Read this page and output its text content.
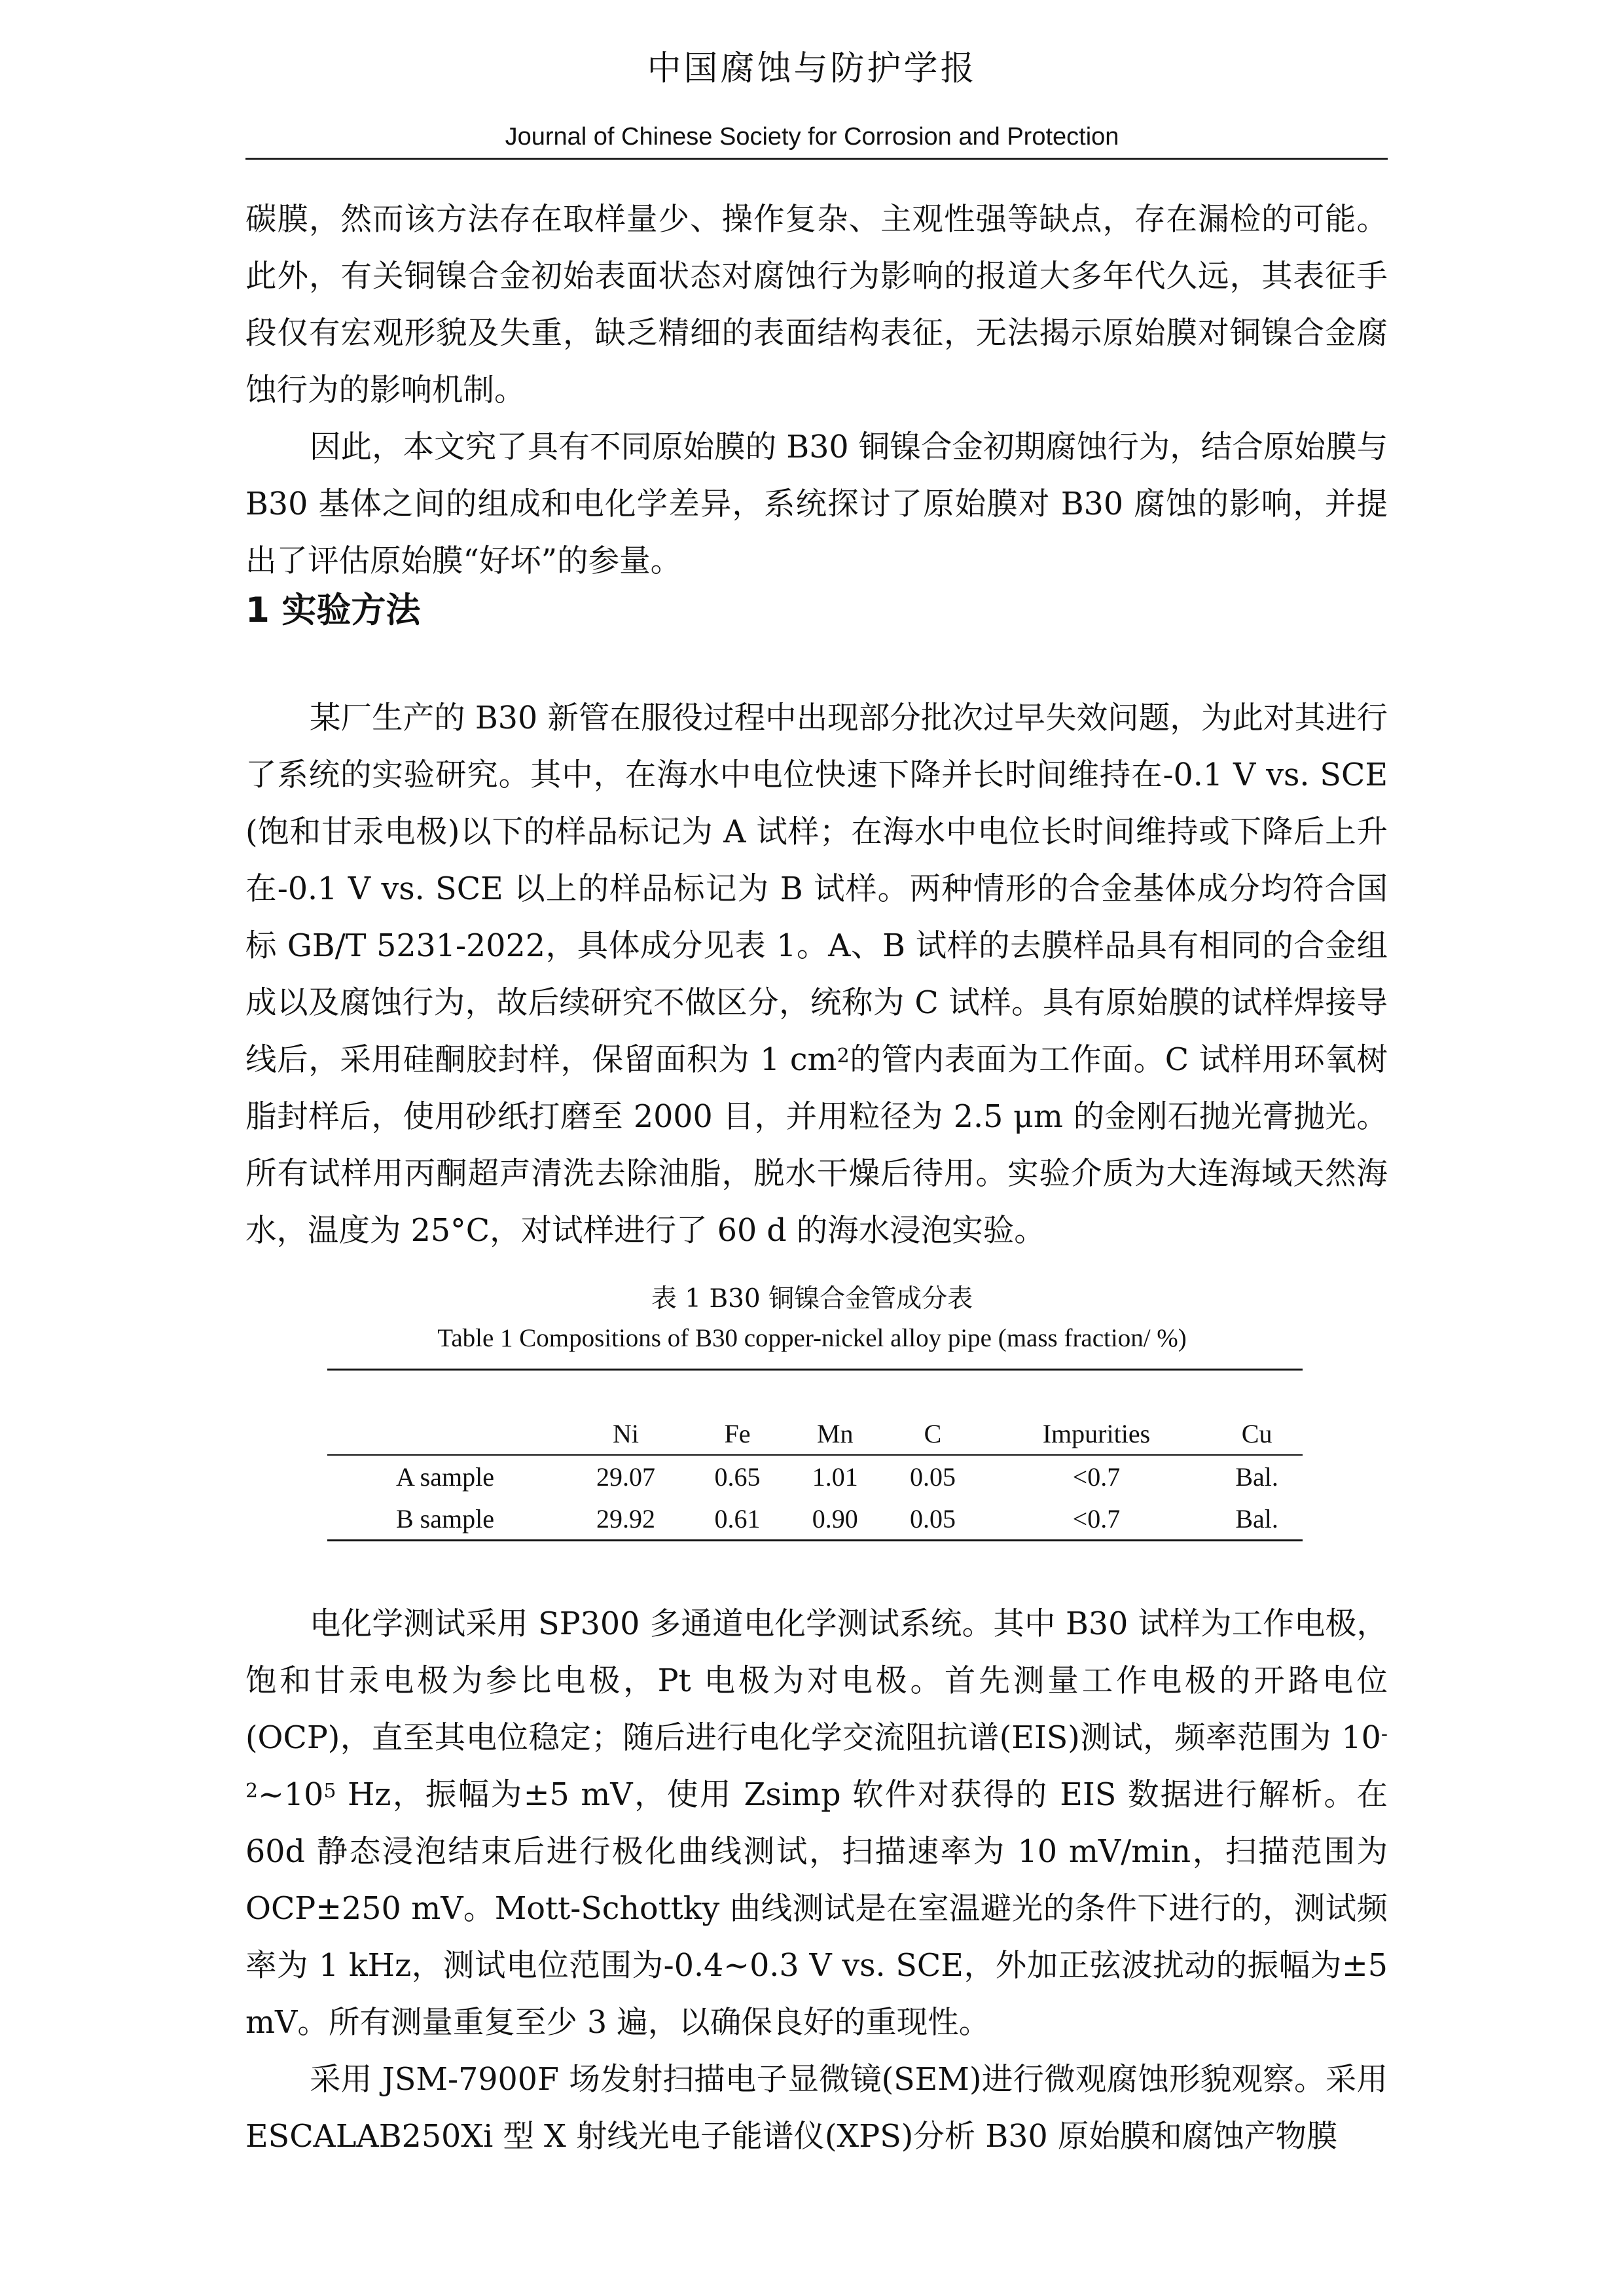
中国腐蚀与防护学报
Journal of Chinese Society for Corrosion and Protection

碳膜，然而该方法存在取样量少、操作复杂、主观性强等缺点，存在漏检的可能。此外，有关铜镍合金初始表面状态对腐蚀行为影响的报道大多年代久远，其表征手段仅有宏观形貌及失重，缺乏精细的表面结构表征，无法揭示原始膜对铜镍合金腐蚀行为的影响机制。

因此，本文究了具有不同原始膜的 B30 铜镍合金初期腐蚀行为，结合原始膜与 B30 基体之间的组成和电化学差异，系统探讨了原始膜对 B30 腐蚀的影响，并提出了评估原始膜“好坏”的参量。

1 实验方法

某厂生产的 B30 新管在服役过程中出现部分批次过早失效问题，为此对其进行了系统的实验研究。其中，在海水中电位快速下降并长时间维持在-0.1 V vs. SCE (饱和甘汞电极)以下的样品标记为 A 试样；在海水中电位长时间维持或下降后上升在-0.1 V vs. SCE 以上的样品标记为 B 试样。两种情形的合金基体成分均符合国标 GB/T 5231-2022，具体成分见表 1。A、B 试样的去膜样品具有相同的合金组成以及腐蚀行为，故后续研究不做区分，统称为 C 试样。具有原始膜的试样焊接导线后，采用硅酮胶封样，保留面积为 1 $cm^2$的管内表面为工作面。C 试样用环氧树脂封样后，使用砂纸打磨至 2000 目，并用粒径为 2.5 μm 的金刚石抛光膏抛光。所有试样用丙酮超声清洗去除油脂，脱水干燥后待用。实验介质为大连海域天然海水，温度为 25°C，对试样进行了 60 d 的海水浸泡实验。

表 1 B30 铜镍合金管成分表

Table 1 Compositions of B30 copper-nickel alloy pipe (mass fraction/ %)

	Ni	Fe	Mn	C	Impurities	Cu
A sample	29.07	0.65	1.01	0.05	<0.7	Bal.
B sample	29.92	0.61	0.90	0.05	<0.7	Bal.

电化学测试采用 SP300 多通道电化学测试系统。其中 B30 试样为工作电极，饱和甘汞电极为参比电极，Pt 电极为对电极。首先测量工作电极的开路电位(OCP)，直至其电位稳定；随后进行电化学交流阻抗谱(EIS)测试，频率范围为 $10^{-2}\sim 10^5$ Hz，振幅为±5 mV，使用 Zsimp 软件对获得的 EIS 数据进行解析。在 60d 静态浸泡结束后进行极化曲线测试，扫描速率为 10 mV/min，扫描范围为 OCP±250 mV。Mott-Schottky 曲线测试是在室温避光的条件下进行的，测试频率为 1 kHz，测试电位范围为-0.4~0.3 V vs. SCE，外加正弦波扰动的振幅为±5 mV。所有测量重复至少 3 遍，以确保良好的重现性。

采用 JSM-7900F 场发射扫描电子显微镜(SEM)进行微观腐蚀形貌观察。采用 ESCALAB250Xi 型 X 射线光电子能谱仪(XPS)分析 B30 原始膜和腐蚀产物膜
